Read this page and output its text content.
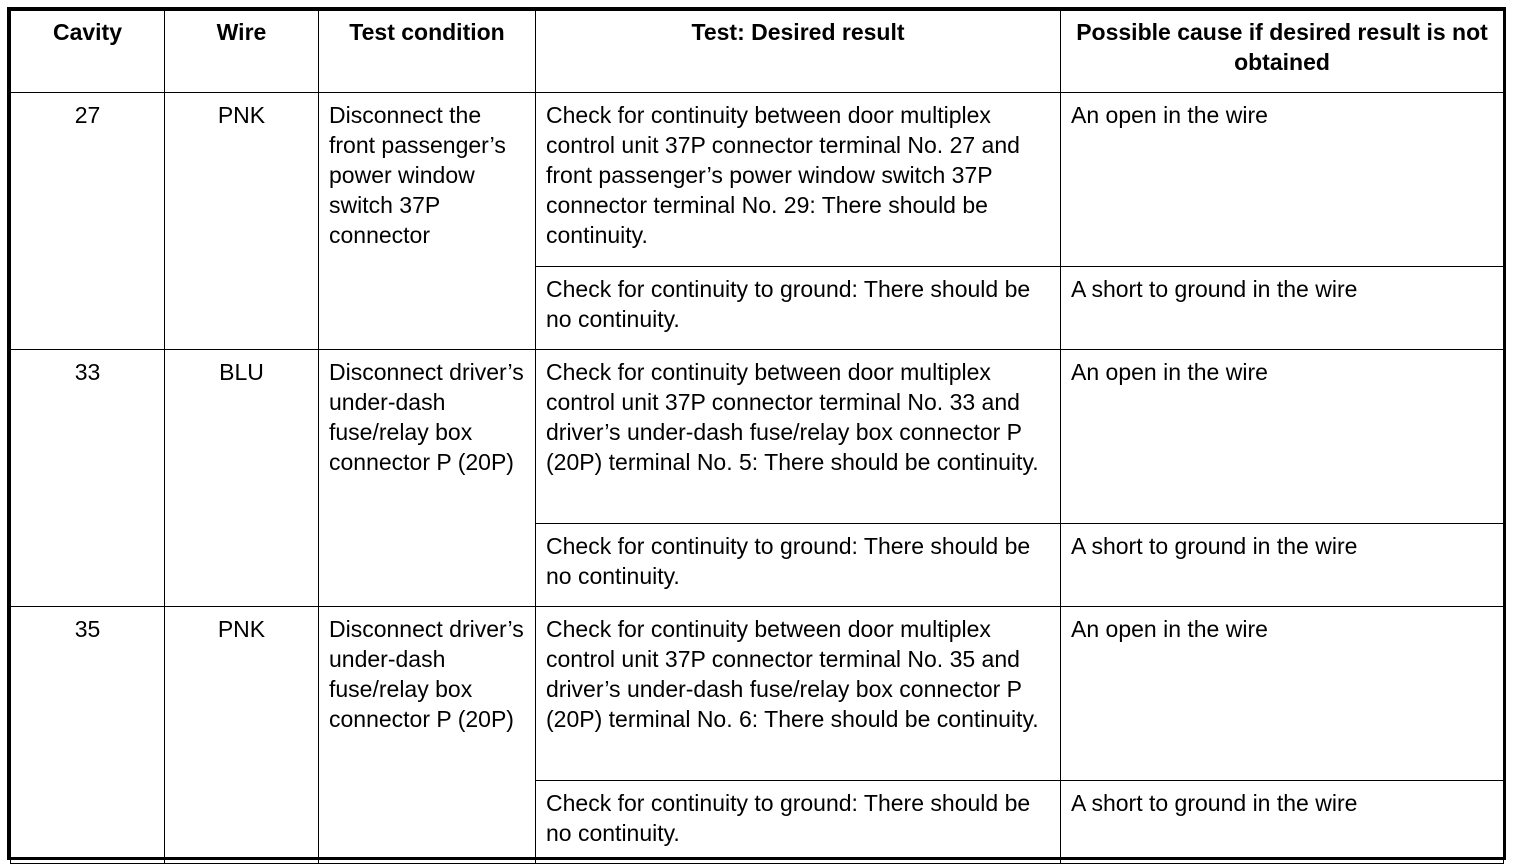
Cavity	Wire	Test condition	Test: Desired result	Possible cause if desired result is not obtained
27	PNK	Disconnect the front passenger’s power window switch 37P connector	Check for continuity between door multiplex control unit 37P connector terminal No. 27 and front passenger’s power window switch 37P connector terminal No. 29: There should be continuity.	An open in the wire
			Check for continuity to ground: There should be no continuity.	A short to ground in the wire
33	BLU	Disconnect driver’s under-dash fuse/relay box connector P (20P)	Check for continuity between door multiplex control unit 37P connector terminal No. 33 and driver’s under-dash fuse/relay box connector P (20P) terminal No. 5: There should be continuity.	An open in the wire
			Check for continuity to ground: There should be no continuity.	A short to ground in the wire
35	PNK	Disconnect driver’s under-dash fuse/relay box connector P (20P)	Check for continuity between door multiplex control unit 37P connector terminal No. 35 and driver’s under-dash fuse/relay box connector P (20P) terminal No. 6: There should be continuity.	An open in the wire
			Check for continuity to ground: There should be no continuity.	A short to ground in the wire
